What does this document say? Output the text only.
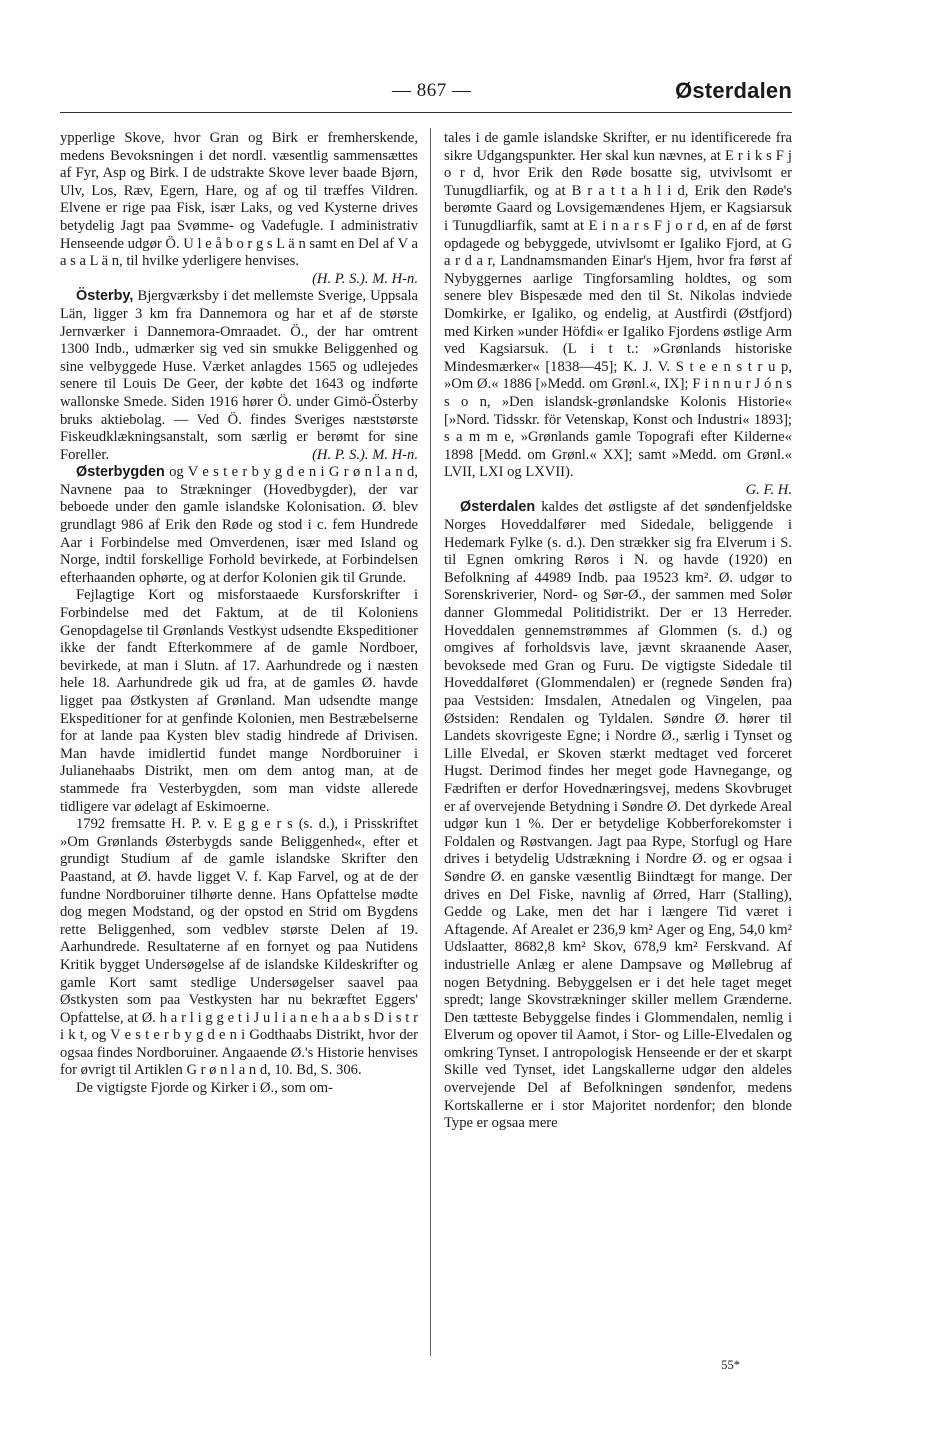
— 867 —	Østerdalen

ypperlige Skove, hvor Gran og Birk er fremherskende, medens Bevoksningen i det nordl. væsentlig sammensættes af Fyr, Asp og Birk. I de udstrakte Skove lever baade Bjørn, Ulv, Los, Ræv, Egern, Hare, og af og til træffes Vildren. Elvene er rige paa Fisk, især Laks, og ved Kysterne drives betydelig Jagt paa Svømme- og Vadefugle. I administrativ Henseende udgør Ö. U l e å b o r g s L ä n samt en Del af V a a s a L ä n, til hvilke yderligere henvises.

(H. P. S.). M. H-n.

Österby, Bjergværksby i det mellemste Sverige, Uppsala Län, ligger 3 km fra Dannemora og har et af de største Jernværker i Dannemora-Omraadet. Ö., der har omtrent 1300 Indb., udmærker sig ved sin smukke Beliggenhed og sine velbyggede Huse. Værket anlagdes 1565 og udlejedes senere til Louis De Geer, der købte det 1643 og indførte wallonske Smede. Siden 1916 hører Ö. under Gimö-Österby bruks aktiebolag. — Ved Ö. findes Sveriges næststørste Fiskeudklækningsanstalt, som særlig er berømt for sine Foreller.	(H. P. S.). M. H-n.

Østerbygden og V e s t e r b y g d e n i G r ø n l a n d, Navnene paa to Strækninger (Hovedbygder), der var beboede under den gamle islandske Kolonisation. Ø. blev grundlagt 986 af Erik den Røde og stod i c. fem Hundrede Aar i Forbindelse med Omverdenen, især med Island og Norge, indtil forskellige Forhold bevirkede, at Forbindelsen efterhaanden ophørte, og at derfor Kolonien gik til Grunde.

Fejlagtige Kort og misforstaaede Kursforskrifter i Forbindelse med det Faktum, at de til Koloniens Genopdagelse til Grønlands Vestkyst udsendte Ekspeditioner ikke der fandt Efterkommere af de gamle Nordboer, bevirkede, at man i Slutn. af 17. Aarhundrede og i næsten hele 18. Aarhundrede gik ud fra, at de gamles Ø. havde ligget paa Østkysten af Grønland. Man udsendte mange Ekspeditioner for at genfinde Kolonien, men Bestræbelserne for at lande paa Kysten blev stadig hindrede af Drivisen. Man havde imidlertid fundet mange Nordboruiner i Julianehaabs Distrikt, men om dem antog man, at de stammede fra Vesterbygden, som man vidste allerede tidligere var ødelagt af Eskimoerne.

1792 fremsatte H. P. v. E g g e r s (s. d.), i Prisskriftet »Om Grønlands Østerbygds sande Beliggenhed«, efter et grundigt Studium af de gamle islandske Skrifter den Paastand, at Ø. havde ligget V. f. Kap Farvel, og at de der fundne Nordboruiner tilhørte denne. Hans Opfattelse mødte dog megen Modstand, og der opstod en Strid om Bygdens rette Beliggenhed, som vedblev største Delen af 19. Aarhundrede. Resultaterne af en fornyet og paa Nutidens Kritik bygget Undersøgelse af de islandske Kildeskrifter og gamle Kort samt stedlige Undersøgelser saavel paa Østkysten som paa Vestkysten har nu bekræftet Eggers' Opfattelse, at Ø. h a r l i g g e t i J u l i a n e h a a b s D i s t r i k t, og V e s t e r b y g d e n i Godthaabs Distrikt, hvor der ogsaa findes Nordboruiner. Angaaende Ø.'s Historie henvises for øvrigt til Artiklen G r ø n l a n d, 10. Bd, S. 306.

De vigtigste Fjorde og Kirker i Ø., som om-

tales i de gamle islandske Skrifter, er nu identificerede fra sikre Udgangspunkter. Her skal kun nævnes, at E r i k s F j o r d, hvor Erik den Røde bosatte sig, utvivlsomt er Tunugdliarfik, og at B r a t t a h l i d, Erik den Røde's berømte Gaard og Lovsigemændenes Hjem, er Kagsiarsuk i Tunugdliarfik, samt at E i n a r s F j o r d, en af de først opdagede og bebyggede, utvivlsomt er Igaliko Fjord, at G a r d a r, Landnamsmanden Einar's Hjem, hvor fra først af Nybyggernes aarlige Tingforsamling holdtes, og som senere blev Bispesæde med den til St. Nikolas indviede Domkirke, er Igaliko, og endelig, at Austfirdi (Østfjord) med Kirken »under Höfdi« er Igaliko Fjordens østlige Arm ved Kagsiarsuk. (L i t t.: »Grønlands historiske Mindesmærker« [1838—45]; K. J. V. S t e e n s t r u p, »Om Ø.« 1886 [»Medd. om Grønl.«, IX]; F i n n u r J ó n s s o n, »Den islandsk-grønlandske Kolonis Historie« [»Nord. Tidsskr. för Vetenskap, Konst och Industri« 1893]; s a m m e, »Grønlands gamle Topografi efter Kilderne« 1898 [Medd. om Grønl.« XX]; samt »Medd. om Grønl.« LVII, LXI og LXVII).

G. F. H.

Østerdalen kaldes det østligste af det søndenfjeldske Norges Hoveddalfører med Sidedale, beliggende i Hedemark Fylke (s. d.). Den strækker sig fra Elverum i S. til Egnen omkring Røros i N. og havde (1920) en Befolkning af 44989 Indb. paa 19523 km². Ø. udgør to Sorenskriverier, Nord- og Sør-Ø., der sammen med Solør danner Glommedal Politidistrikt. Der er 13 Herreder. Hoveddalen gennemstrømmes af Glommen (s. d.) og omgives af forholdsvis lave, jævnt skraanende Aaser, bevoksede med Gran og Furu. De vigtigste Sidedale til Hoveddalføret (Glommendalen) er (regnede Sønden fra) paa Vestsiden: Imsdalen, Atnedalen og Vingelen, paa Østsiden: Rendalen og Tyldalen. Søndre Ø. hører til Landets skovrigeste Egne; i Nordre Ø., særlig i Tynset og Lille Elvedal, er Skoven stærkt medtaget ved forceret Hugst. Derimod findes her meget gode Havnegange, og Fædriften er derfor Hovednæringsvej, medens Skovbruget er af overvejende Betydning i Søndre Ø. Det dyrkede Areal udgør kun 1 %. Der er betydelige Kobberforekomster i Foldalen og Røstvangen. Jagt paa Rype, Storfugl og Hare drives i betydelig Udstrækning i Nordre Ø. og er ogsaa i Søndre Ø. en ganske væsentlig Biindtægt for mange. Der drives en Del Fiske, navnlig af Ørred, Harr (Stalling), Gedde og Lake, men det har i længere Tid været i Aftagende. Af Arealet er 236,9 km² Ager og Eng, 54,0 km² Udslaatter, 8682,8 km² Skov, 678,9 km² Ferskvand. Af industrielle Anlæg er alene Dampsave og Møllebrug af nogen Betydning. Bebyggelsen er i det hele taget meget spredt; lange Skovstrækninger skiller mellem Grænderne. Den tætteste Bebyggelse findes i Glommendalen, nemlig i Elverum og opover til Aamot, i Stor- og Lille-Elvedalen og omkring Tynset. I antropologisk Henseende er der et skarpt Skille ved Tynset, idet Langskallerne udgør den aldeles overvejende Del af Befolkningen søndenfor, medens Kortskallerne er i stor Majoritet nordenfor; den blonde Type er ogsaa mere

55*
